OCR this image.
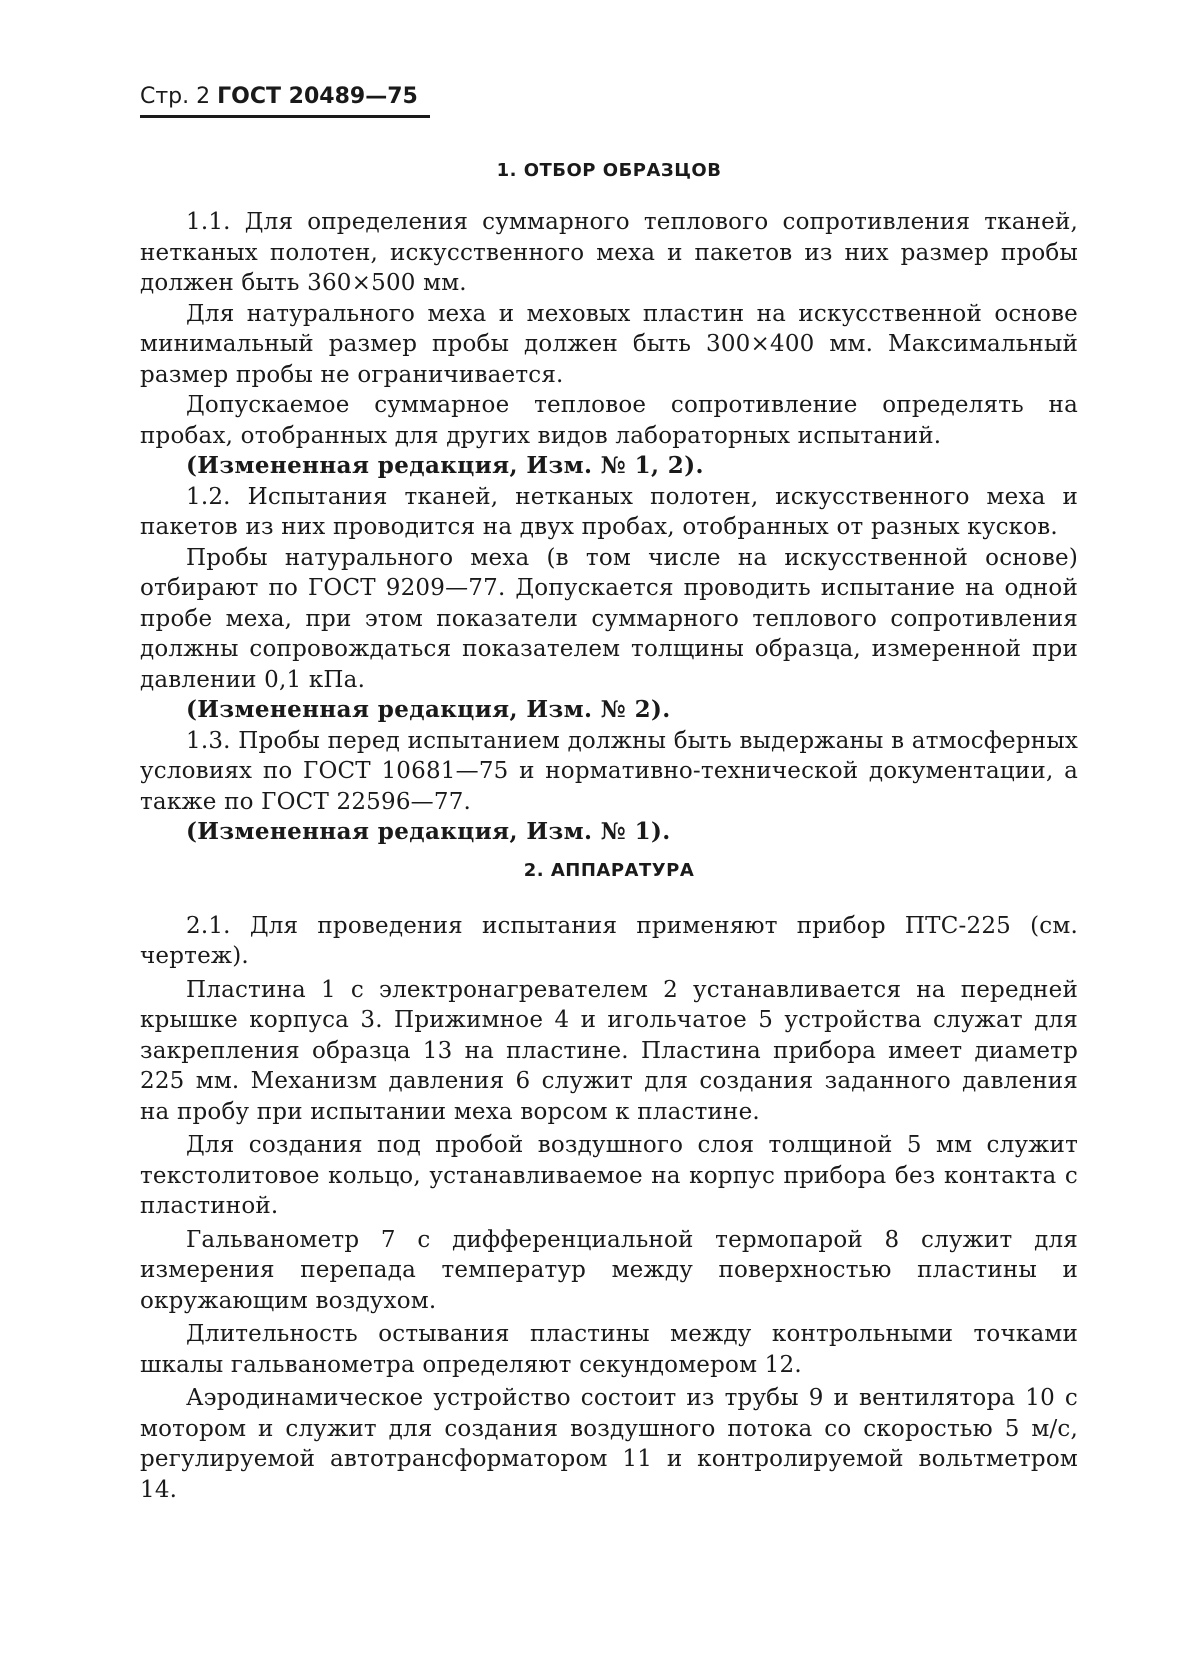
Стр. 2 ГОСТ 20489—75
1. ОТБОР ОБРАЗЦОВ

1.1. Для определения суммарного теплового сопротивления тканей, нетканых полотен, искусственного меха и пакетов из них размер пробы должен быть 360×500 мм.

Для натурального меха и меховых пластин на искусственной основе минимальный размер пробы должен быть 300×400 мм. Максимальный размер пробы не ограничивается.

Допускаемое суммарное тепловое сопротивление определять на пробах, отобранных для других видов лабораторных испытаний.

(Измененная редакция, Изм. № 1, 2).

1.2. Испытания тканей, нетканых полотен, искусственного меха и пакетов из них проводится на двух пробах, отобранных от разных кусков.

Пробы натурального меха (в том числе на искусственной основе) отбирают по ГОСТ 9209—77. Допускается проводить испытание на одной пробе меха, при этом показатели суммарного теплового сопротивления должны сопровождаться показателем толщины образца, измеренной при давлении 0,1 кПа.

(Измененная редакция, Изм. № 2).

1.3. Пробы перед испытанием должны быть выдержаны в атмосферных условиях по ГОСТ 10681—75 и нормативно-технической документации, а также по ГОСТ 22596—77.

(Измененная редакция, Изм. № 1).

2. АППАРАТУРА

2.1. Для проведения испытания применяют прибор ПТС-225 (см. чертеж).

Пластина 1 с электронагревателем 2 устанавливается на передней крышке корпуса 3. Прижимное 4 и игольчатое 5 устройства служат для закрепления образца 13 на пластине. Пластина прибора имеет диаметр 225 мм. Механизм давления 6 служит для создания заданного давления на пробу при испытании меха ворсом к пластине.

Для создания под пробой воздушного слоя толщиной 5 мм служит текстолитовое кольцо, устанавливаемое на корпус прибора без контакта с пластиной.

Гальванометр 7 с дифференциальной термопарой 8 служит для измерения перепада температур между поверхностью пластины и окружающим воздухом.

Длительность остывания пластины между контрольными точками шкалы гальванометра определяют секундомером 12.

Аэродинамическое устройство состоит из трубы 9 и вентилятора 10 с мотором и служит для создания воздушного потока со скоростью 5 м/с, регулируемой автотрансформатором 11 и контролируемой вольтметром 14.
